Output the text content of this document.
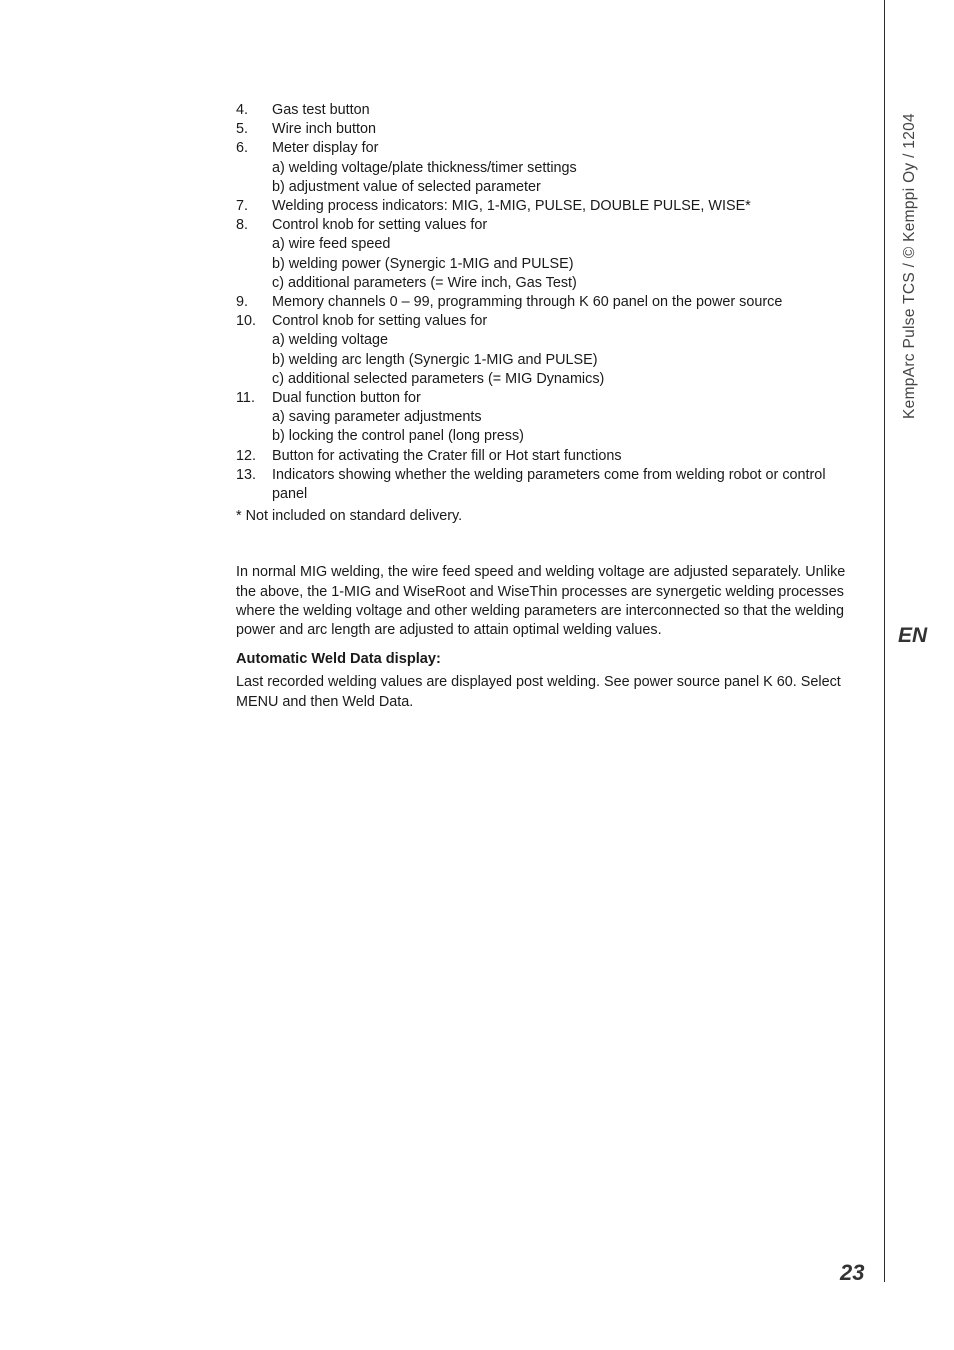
4.	Gas test button
5.	Wire inch button
6.	Meter display for
a) welding voltage/plate thickness/timer settings
b) adjustment value of selected parameter
7.	Welding process indicators: MIG, 1-MIG, PULSE, DOUBLE PULSE, WISE*
8.	Control knob for setting values for
a) wire feed speed
b) welding power (Synergic 1-MIG and PULSE)
c) additional parameters (= Wire inch, Gas Test)
9.	Memory channels 0 – 99, programming through K 60 panel on the power source
10.	Control knob for setting values for
a) welding voltage
b) welding arc length (Synergic 1-MIG and PULSE)
c) additional selected parameters (= MIG Dynamics)
11.	Dual function button for
a) saving parameter adjustments
b) locking the control panel (long press)
12.	Button for activating the Crater fill or Hot start functions
13.	Indicators showing whether the welding parameters come from welding robot or control panel

* Not included on standard delivery.

In normal MIG welding, the wire feed speed and welding voltage are adjusted separately. Unlike the above, the 1-MIG and WiseRoot and WiseThin processes are synergetic welding processes where the welding voltage and other welding parameters are interconnected so that the welding power and arc length are adjusted to attain optimal welding values.

Automatic Weld Data display:

Last recorded welding values are displayed post welding. See power source panel K 60. Select MENU and then Weld Data.

KempArc Pulse TCS / © Kemppi Oy / 1204
EN
23
